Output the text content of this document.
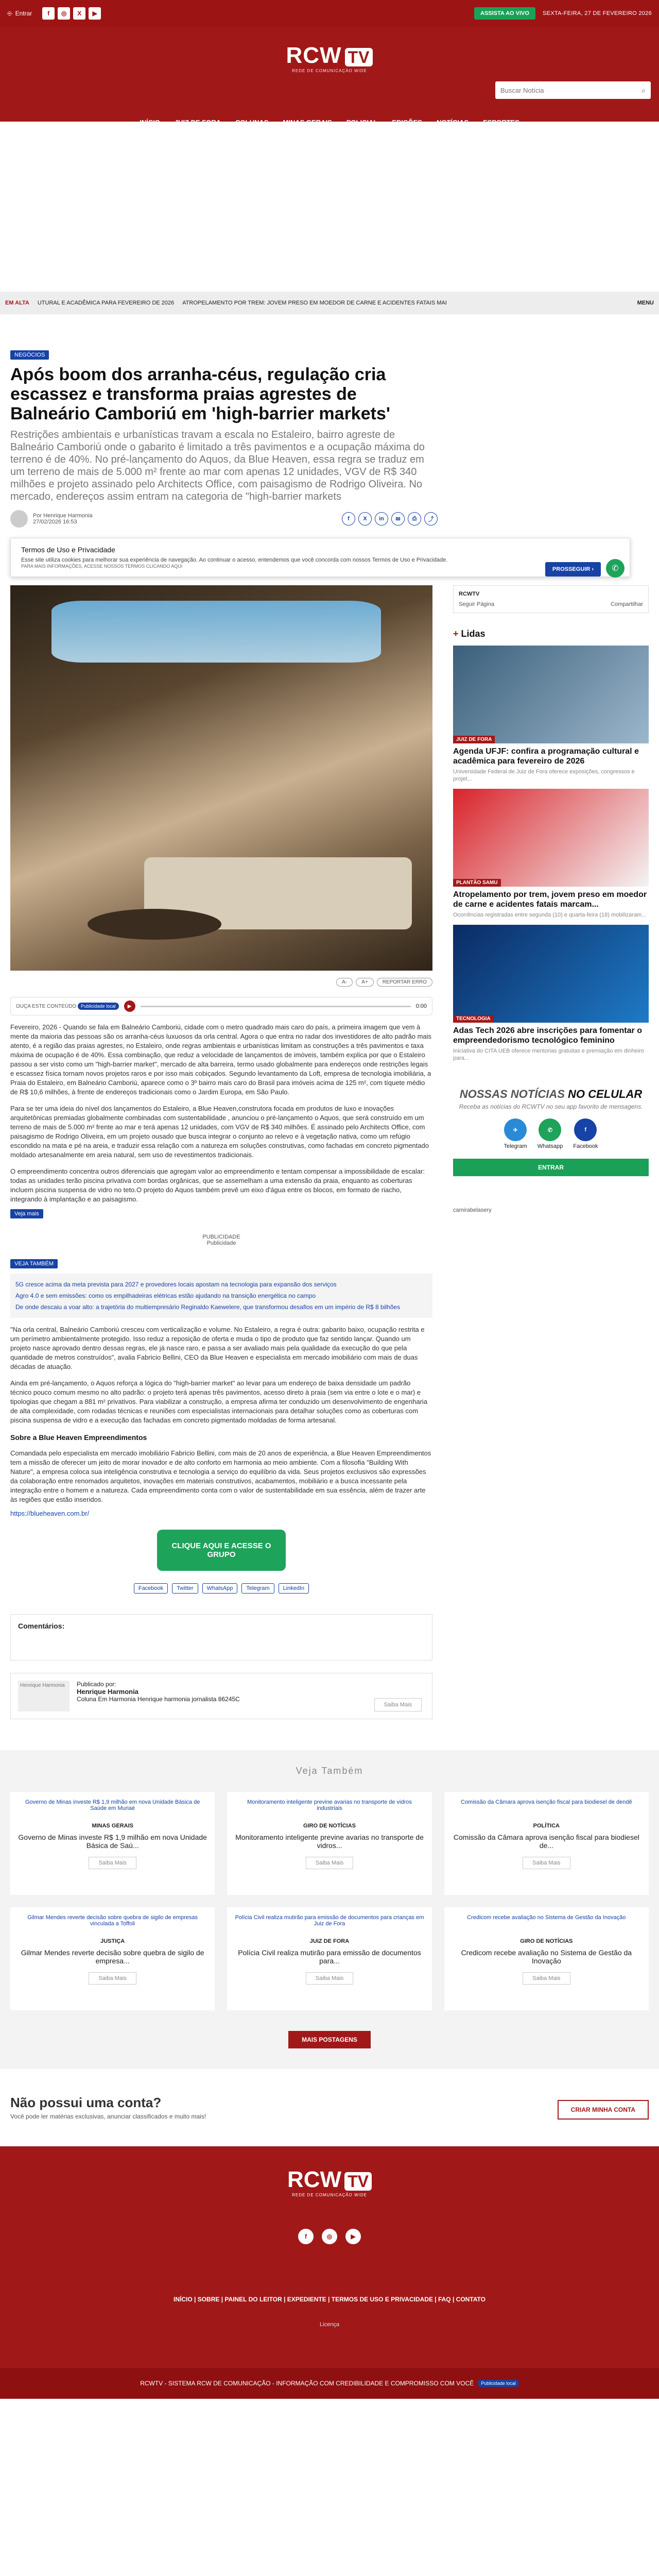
⎆ Entrar	f	◎	X	▶	ASSISTA AO VIVO	SEXTA-FEIRA, 27 DE FEVEREIRO 2026
RCW TV
REDE DE COMUNICAÇÃO WIDE
Buscar Notícia
⌕
INÍCIO JUIZ DE FORA COLUNAS MINAS GERAIS POLICIAL EDIÇÕES NOTÍCIAS ESPORTES
EM ALTA UTURAL E ACADÊMICA PARA FEVEREIRO DE 2026 ATROPELAMENTO POR TREM: JOVEM PRESO EM MOEDOR DE CARNE E ACIDENTES FATAIS MAI	MENU
NEGÓCIOS
Após boom dos arranha-céus, regulação cria escassez e transforma praias agrestes de Balneário Camboriú em 'high-barrier markets'

Restrições ambientais e urbanísticas travam a escala no Estaleiro, bairro agreste de Balneário Camboriú onde o gabarito é limitado a três pavimentos e a ocupação máxima do terreno é de 40%. No pré-lançamento do Aquos, da Blue Heaven, essa regra se traduz em um terreno de mais de 5.000 m² frente ao mar com apenas 12 unidades, VGV de R$ 340 milhões e projeto assinado pelo Architects Office, com paisagismo de Rodrigo Oliveira. No mercado, endereços assim entram na categoria de "high-barrier markets

Por Henrique Harmonia
27/02/2026 16:53	f	X	in	✉	⎙	⤴
Termos de Uso e Privacidade
Esse site utiliza cookies para melhorar sua experiência de navegação. Ao continuar o acesso, entendemos que você concorda com nossos Termos de Uso e Privacidade.
PARA MAIS INFORMAÇÕES, ACESSE NOSSOS TERMOS CLICANDO AQUI	PROSSEGUIR ›	✆
A-	A+	REPORTAR ERRO
OUÇA ESTE CONTEÚDO Publicidade local	▶	0:00

Fevereiro, 2026 - Quando se fala em Balneário Camboriú, cidade com o metro quadrado mais caro do país, a primeira imagem que vem à mente da maioria das pessoas são os arranha-céus luxuosos da orla central. Agora o que entra no radar dos investidores de alto padrão mais atento, é a região das praias agrestes, no Estaleiro, onde regras ambientais e urbanísticas limitam as construções a três pavimentos e taxa máxima de ocupação é de 40%. Essa combinação, que reduz a velocidade de lançamentos de imóveis, também explica por que o Estaleiro passou a ser visto como um "high-barrier market", mercado de alta barreira, termo usado globalmente para endereços onde restrições legais e escassez física tornam novos projetos raros e por isso mais cobiçados. Segundo levantamento da Loft, empresa de tecnologia imobiliária, a Praia do Estaleiro, em Balneário Camboriú, aparece como o 3º bairro mais caro do Brasil para imóveis acima de 125 m², com tíquete médio de R$ 10,6 milhões, à frente de endereços tradicionais como o Jardim Europa, em São Paulo.

Para se ter uma ideia do nível dos lançamentos do Estaleiro, a Blue Heaven,construtora focada em produtos de luxo e inovações arquitetônicas premiadas globalmente combinadas com sustentabilidade , anunciou o pré-lançamento o Aquos, que será construído em um terreno de mais de 5.000 m² frente ao mar e terá apenas 12 unidades, com VGV de R$ 340 milhões. É assinado pelo Architects Office, com paisagismo de Rodrigo Oliveira, em um projeto ousado que busca integrar o conjunto ao relevo e à vegetação nativa, como um refúgio escondido na mata e pé na areia, e traduzir essa relação com a natureza em soluções construtivas, como fachadas em concreto pigmentado moldado artesanalmente em areia natural, sem uso de revestimentos tradicionais.

O empreendimento concentra outros diferenciais que agregam valor ao empreendimento e tentam compensar a impossibilidade de escalar: todas as unidades terão piscina privativa com bordas orgânicas, que se assemelham a uma extensão da praia, enquanto as coberturas incluem piscina suspensa de vidro no teto.O projeto do Aquos também prevê um eixo d'água entre os blocos, em formato de riacho, integrando à implantação e ao paisagismo.

Veja mais
PUBLICIDADE
Publicidade
VEJA TAMBÉM
5G cresce acima da meta prevista para 2027 e provedores locais apostam na tecnologia para expansão dos serviços
Agro 4.0 e sem emissões: como os empilhadeiras elétricas estão ajudando na transição energética no campo
De onde descaiu a voar alto: a trajetória do multiempresário Reginaldo Kaewelere, que transformou desafios em um império de R$ 8 bilhões

"Na orla central, Balneário Camboriú cresceu com verticalização e volume. No Estaleiro, a regra é outra: gabarito baixo, ocupação restrita e um perímetro ambientalmente protegido. Isso reduz a reposição de oferta e muda o tipo de produto que faz sentido lançar. Quando um projeto nasce aprovado dentro dessas regras, ele já nasce raro, e passa a ser avaliado mais pela qualidade da execução do que pela quantidade de metros construídos", avalia Fabricio Bellini, CEO da Blue Heaven e especialista em mercado imobiliário com mais de duas décadas de atuação.

Ainda em pré-lançamento, o Aquos reforça a lógica do "high-barrier market" ao levar para um endereço de baixa densidade um padrão técnico pouco comum mesmo no alto padrão: o projeto terá apenas três pavimentos, acesso direto à praia (sem via entre o lote e o mar) e tipologias que chegam a 881 m² privativos. Para viabilizar a construção, a empresa afirma ter conduzido um desenvolvimento de engenharia de alta complexidade, com rodadas técnicas e reuniões com especialistas internacionais para detalhar soluções como as coberturas com piscina suspensa de vidro e a execução das fachadas em concreto pigmentado moldadas de forma artesanal.

Sobre a Blue Heaven Empreendimentos

Comandada pelo especialista em mercado imobiliário Fabricio Bellini, com mais de 20 anos de experiência, a Blue Heaven Empreendimentos tem a missão de oferecer um jeito de morar inovador e de alto conforto em harmonia ao meio ambiente. Com a filosofia "Building With Nature", a empresa coloca sua inteligência construtiva e tecnologia a serviço do equilíbrio da vida. Seus projetos exclusivos são expressões da colaboração entre renomados arquitetos, inovações em materiais construtivos, acabamentos, mobiliário e a busca incessante pela integração entre o homem e a natureza. Cada empreendimento conta com o valor de sustentabilidade em sua essência, além de trazer arte às regiões que estão inseridos.

https://blueheaven.com.br/
CLIQUE AQUI E ACESSE O GRUPO
Facebook	Twitter	WhatsApp	Telegram	LinkedIn
Comentários:
Henrique Harmonia	Publicado por:
Henrique Harmonia
Coluna Em Harmonia Henrique harmonia jornalista 86245C
Saiba Mais
RCWTV
Seguir Página	Compartilhar
+ Lidas
JUIZ DE FORA
Agenda UFJF: confira a programação cultural e acadêmica para fevereiro de 2026
Universidade Federal de Juiz de Fora oferece exposições, congressos e projet...
PLANTÃO SAMU
Atropelamento por trem, jovem preso em moedor de carne e acidentes fatais marcam...
Ocorrências registradas entre segunda (10) e quarta-feira (18) mobilizaram...
TECNOLOGIA
Adas Tech 2026 abre inscrições para fomentar o empreendedorismo tecnológico feminino
Iniciativa do CITA UEB oferece mentorias gratuitas e premiação em dinheiro para...
NOSSAS NOTÍCIAS NO CELULAR
Receba as notícias do RCWTV no seu app favorito de mensagens.
✈
Telegram
✆
Whatsapp
f
Facebook
ENTRAR
camirabelasery
Veja Também
Governo de Minas investe R$ 1,9 milhão em nova Unidade Básica de Saúde em Muriaé
MINAS GERAIS
Governo de Minas investe R$ 1,9 milhão em nova Unidade Básica de Saú...
Saiba Mais
Monitoramento inteligente previne avarias no transporte de vidros industriais
GIRO DE NOTÍCIAS
Monitoramento inteligente previne avarias no transporte de vidros...
Saiba Mais
Comissão da Câmara aprova isenção fiscal para biodiesel de dendê
POLÍTICA
Comissão da Câmara aprova isenção fiscal para biodiesel de...
Saiba Mais
Gilmar Mendes reverte decisão sobre quebra de sigilo de empresas vinculada a Toffoli
JUSTIÇA
Gilmar Mendes reverte decisão sobre quebra de sigilo de empresa...
Saiba Mais
Polícia Civil realiza mutirão para emissão de documentos para crianças em Juiz de Fora
JUIZ DE FORA
Polícia Civil realiza mutirão para emissão de documentos para...
Saiba Mais
Credicom recebe avaliação no Sistema de Gestão da Inovação
GIRO DE NOTÍCIAS
Credicom recebe avaliação no Sistema de Gestão da Inovação
Saiba Mais
MAIS POSTAGENS
Não possui uma conta?
Você pode ler matérias exclusivas, anunciar classificados e muito mais!
CRIAR MINHA CONTA
RCW TV
REDE DE COMUNICAÇÃO WIDE
f	◎	▶
INÍCIO | SOBRE | PAINEL DO LEITOR | EXPEDIENTE | TERMOS DE USO E PRIVACIDADE | FAQ | CONTATO
Licença
RCWTV - SISTEMA RCW DE COMUNICAÇÃO - INFORMAÇÃO COM CREDIBILIDADE E COMPROMISSO COM VOCÊ	Publicidade local
